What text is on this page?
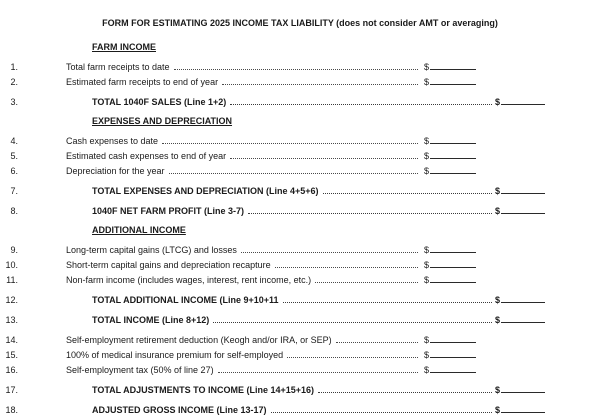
FORM FOR ESTIMATING 2025 INCOME TAX LIABILITY (does not consider AMT or averaging)
FARM INCOME
1.	Total farm receipts to date	$
2.	Estimated farm receipts to end of year	$
3.	TOTAL 1040F SALES (Line 1+2)	$
EXPENSES AND DEPRECIATION
4.	Cash expenses to date	$
5.	Estimated cash expenses to end of year	$
6.	Depreciation for the year	$
7.	TOTAL EXPENSES AND DEPRECIATION (Line 4+5+6)	$
8.	1040F NET FARM PROFIT (Line 3-7)	$
ADDITIONAL INCOME
9.	Long-term capital gains (LTCG) and losses	$
10.	Short-term capital gains and depreciation recapture	$
11.	Non-farm income (includes wages, interest, rent income, etc.)	$
12.	TOTAL ADDITIONAL INCOME (Line 9+10+11	$
13.	TOTAL INCOME (Line 8+12)	$
14.	Self-employment retirement deduction (Keogh and/or IRA, or SEP)	$
15.	100% of medical insurance premium for self-employed	$
16.	Self-employment tax (50% of line 27)	$
17.	TOTAL ADJUSTMENTS TO INCOME (Line 14+15+16)	$
18.	ADJUSTED GROSS INCOME (Line 13-17)	$
